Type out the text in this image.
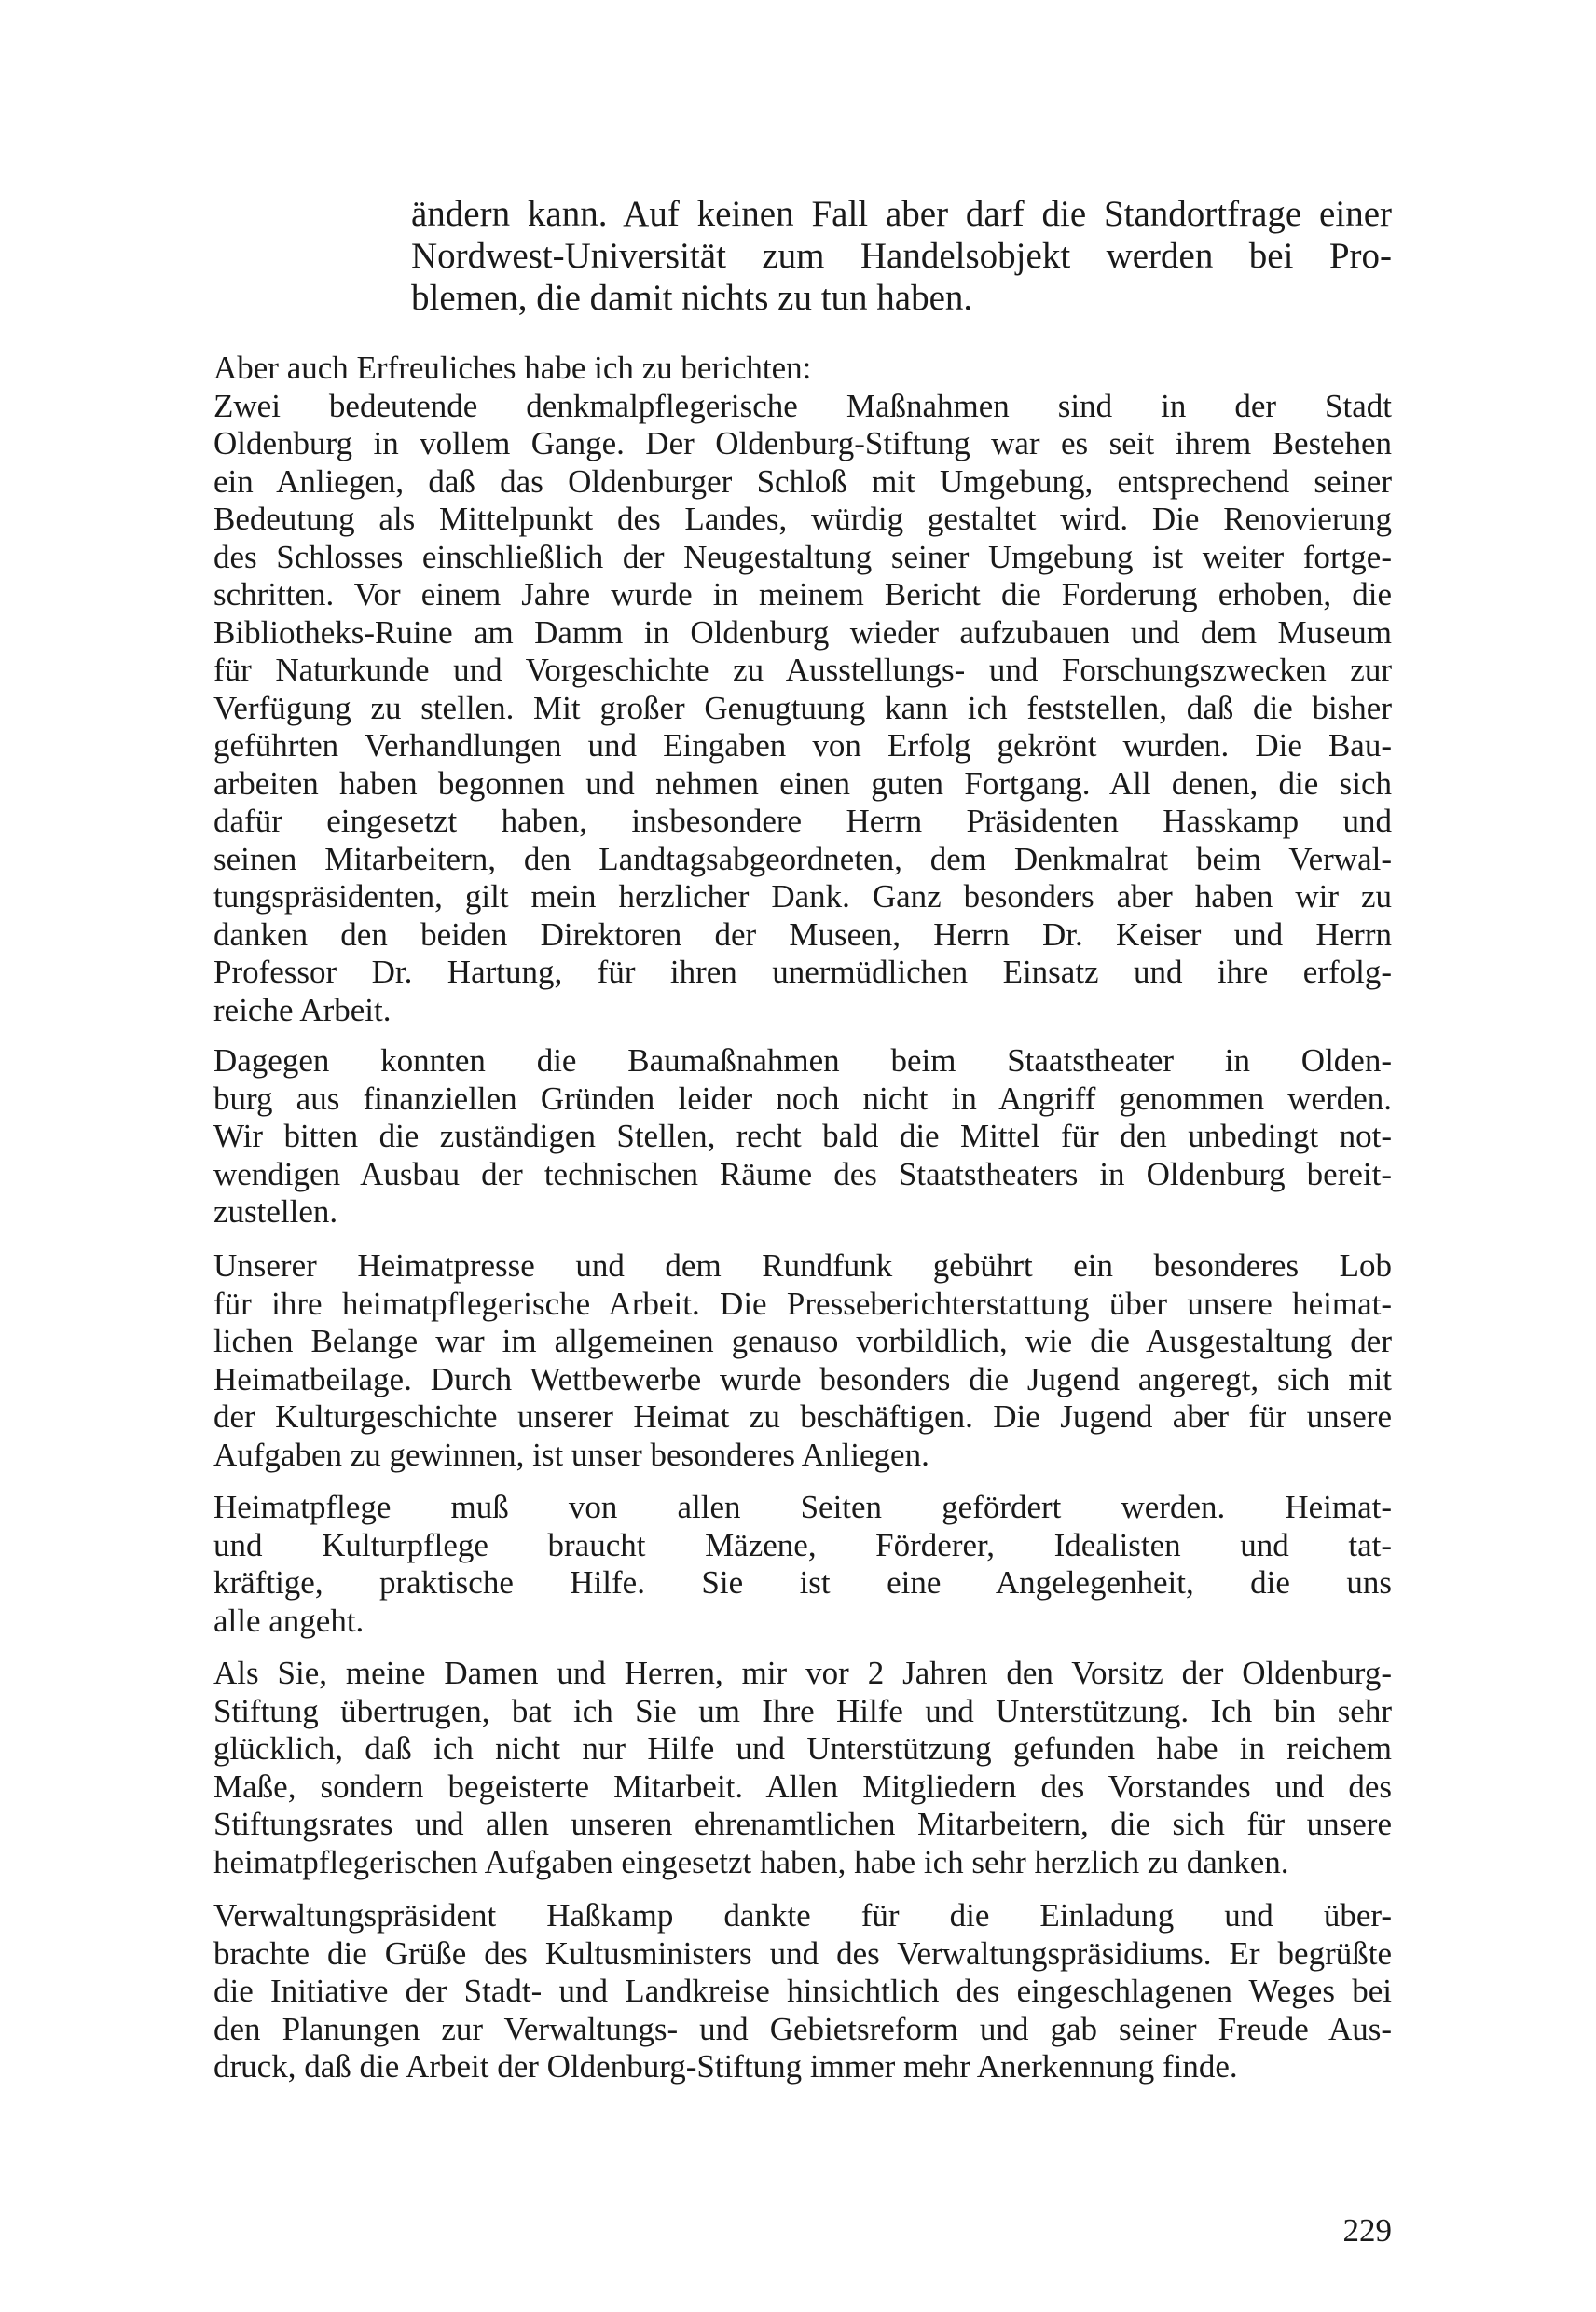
ändern kann. Auf keinen Fall aber darf die Standortfrage einer
Nordwest-Universität zum Handelsobjekt werden bei Pro-
blemen, die damit nichts zu tun haben.
Aber auch Erfreuliches habe ich zu berichten:
Zwei bedeutende denkmalpflegerische Maßnahmen sind in der Stadt
Oldenburg in vollem Gange. Der Oldenburg-Stiftung war es seit ihrem Bestehen
ein Anliegen, daß das Oldenburger Schloß mit Umgebung, entsprechend seiner
Bedeutung als Mittelpunkt des Landes, würdig gestaltet wird. Die Renovierung
des Schlosses einschließlich der Neugestaltung seiner Umgebung ist weiter fortge-
schritten. Vor einem Jahre wurde in meinem Bericht die Forderung erhoben, die
Bibliotheks-Ruine am Damm in Oldenburg wieder aufzubauen und dem Museum
für Naturkunde und Vorgeschichte zu Ausstellungs- und Forschungszwecken zur
Verfügung zu stellen. Mit großer Genugtuung kann ich feststellen, daß die bisher
geführten Verhandlungen und Eingaben von Erfolg gekrönt wurden. Die Bau-
arbeiten haben begonnen und nehmen einen guten Fortgang. All denen, die sich
dafür eingesetzt haben, insbesondere Herrn Präsidenten Hasskamp und
seinen Mitarbeitern, den Landtagsabgeordneten, dem Denkmalrat beim Verwal-
tungspräsidenten, gilt mein herzlicher Dank. Ganz besonders aber haben wir zu
danken den beiden Direktoren der Museen, Herrn Dr. Keiser und Herrn
Professor Dr. Hartung, für ihren unermüdlichen Einsatz und ihre erfolg-
reiche Arbeit.
Dagegen konnten die Baumaßnahmen beim Staatstheater in Olden-
burg aus finanziellen Gründen leider noch nicht in Angriff genommen werden.
Wir bitten die zuständigen Stellen, recht bald die Mittel für den unbedingt not-
wendigen Ausbau der technischen Räume des Staatstheaters in Oldenburg bereit-
zustellen.
Unserer Heimatpresse und dem Rundfunk gebührt ein besonderes Lob
für ihre heimatpflegerische Arbeit. Die Presseberichterstattung über unsere heimat-
lichen Belange war im allgemeinen genauso vorbildlich, wie die Ausgestaltung der
Heimatbeilage. Durch Wettbewerbe wurde besonders die Jugend angeregt, sich mit
der Kulturgeschichte unserer Heimat zu beschäftigen. Die Jugend aber für unsere
Aufgaben zu gewinnen, ist unser besonderes Anliegen.
Heimatpflege muß von allen Seiten gefördert werden. Heimat-
und Kulturpflege braucht Mäzene, Förderer, Idealisten und tat-
kräftige, praktische Hilfe. Sie ist eine Angelegenheit, die uns
alle angeht.
Als Sie, meine Damen und Herren, mir vor 2 Jahren den Vorsitz der Oldenburg-
Stiftung übertrugen, bat ich Sie um Ihre Hilfe und Unterstützung. Ich bin sehr
glücklich, daß ich nicht nur Hilfe und Unterstützung gefunden habe in reichem
Maße, sondern begeisterte Mitarbeit. Allen Mitgliedern des Vorstandes und des
Stiftungsrates und allen unseren ehrenamtlichen Mitarbeitern, die sich für unsere
heimatpflegerischen Aufgaben eingesetzt haben, habe ich sehr herzlich zu danken.
Verwaltungspräsident Haßkamp dankte für die Einladung und über-
brachte die Grüße des Kultusministers und des Verwaltungspräsidiums. Er begrüßte
die Initiative der Stadt- und Landkreise hinsichtlich des eingeschlagenen Weges bei
den Planungen zur Verwaltungs- und Gebietsreform und gab seiner Freude Aus-
druck, daß die Arbeit der Oldenburg-Stiftung immer mehr Anerkennung finde.
229
